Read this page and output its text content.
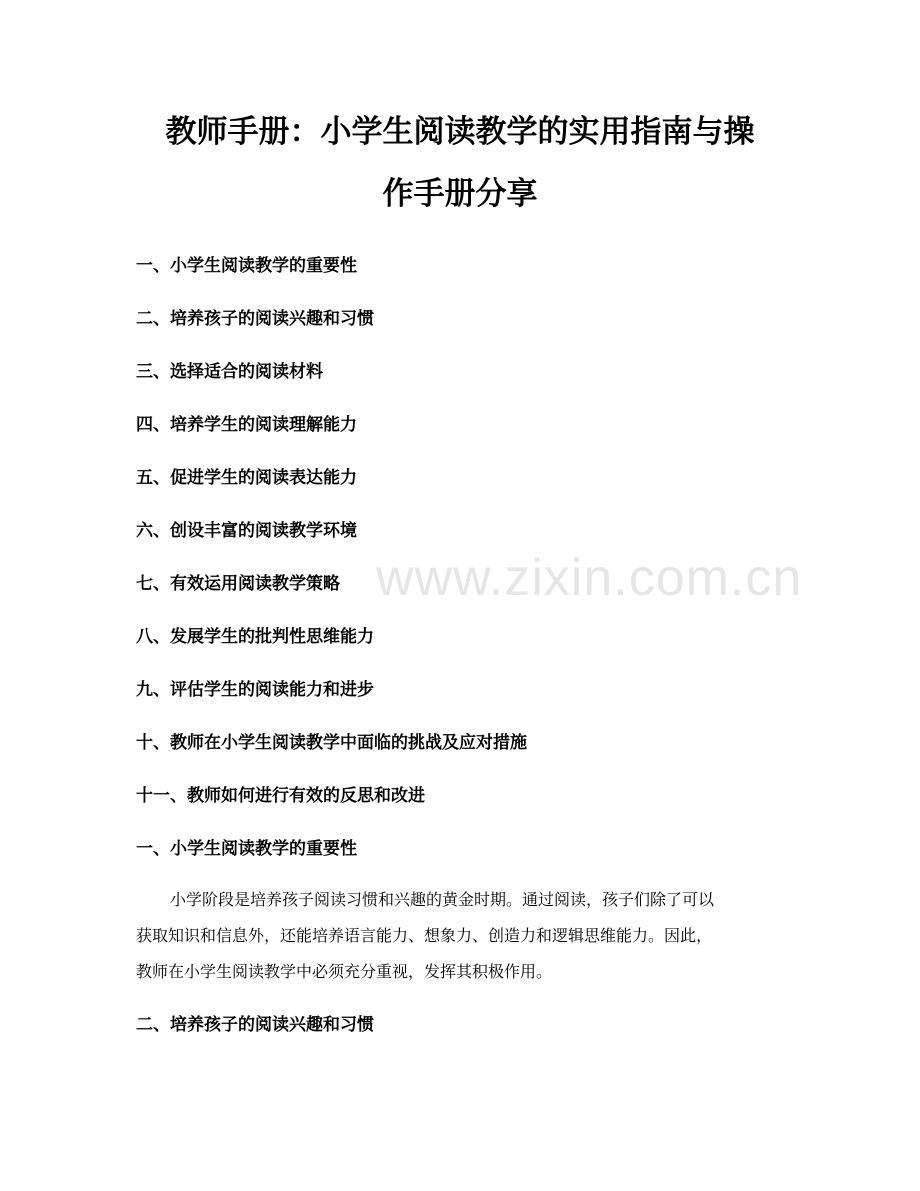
教师手册：小学生阅读教学的实用指南与操
作手册分享

一、小学生阅读教学的重要性

二、培养孩子的阅读兴趣和习惯

三、选择适合的阅读材料

四、培养学生的阅读理解能力

五、促进学生的阅读表达能力

六、创设丰富的阅读教学环境

七、有效运用阅读教学策略

八、发展学生的批判性思维能力

九、评估学生的阅读能力和进步

十、教师在小学生阅读教学中面临的挑战及应对措施

十一、教师如何进行有效的反思和改进

一、小学生阅读教学的重要性
小学阶段是培养孩子阅读习惯和兴趣的黄金时期。通过阅读，孩子们除了可以
获取知识和信息外，还能培养语言能力、想象力、创造力和逻辑思维能力。因此，
教师在小学生阅读教学中必须充分重视，发挥其积极作用。
二、培养孩子的阅读兴趣和习惯
www.zixin.com.cn
